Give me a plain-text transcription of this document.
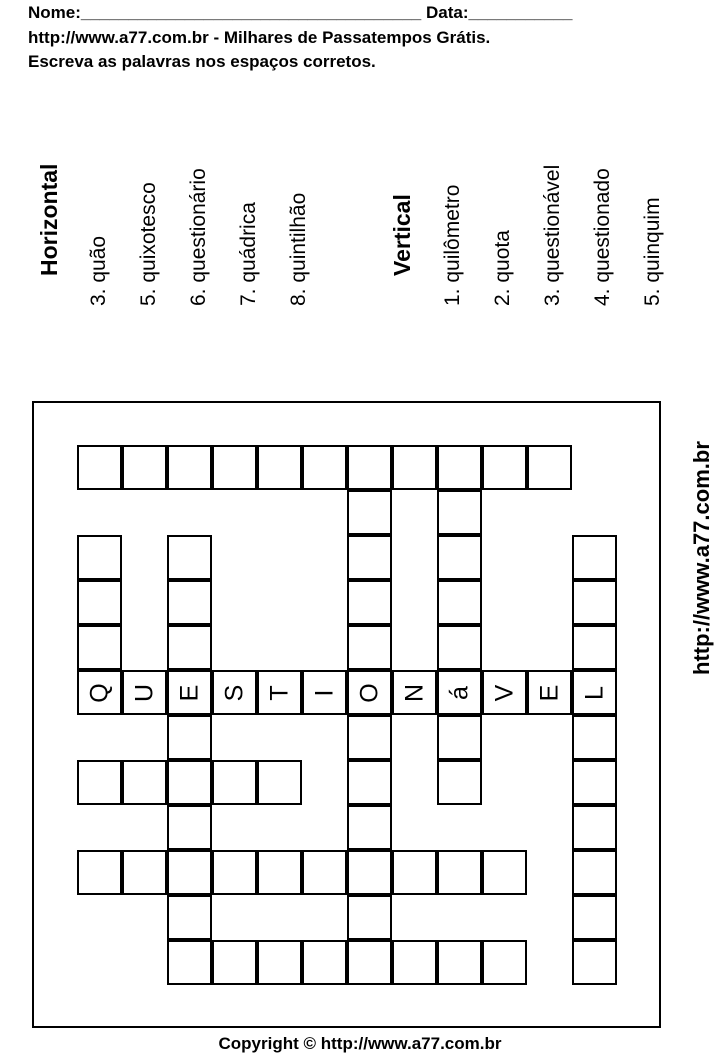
Nome:____________________________________ Data:___________
http://www.a77.com.br - Milhares de Passatempos Grátis.
Escreva as palavras nos espaços corretos.
Horizontal 3. quão 5. quixotesco 6. questionário 7. quádrica 8. quintilhão	Vertical 1. quilômetro 2. quota 3. questionável 4. questionado 5. quinquim
Q U E S T I O N á V E L
http://www.a77.com.br
Copyright © http://www.a77.com.br
